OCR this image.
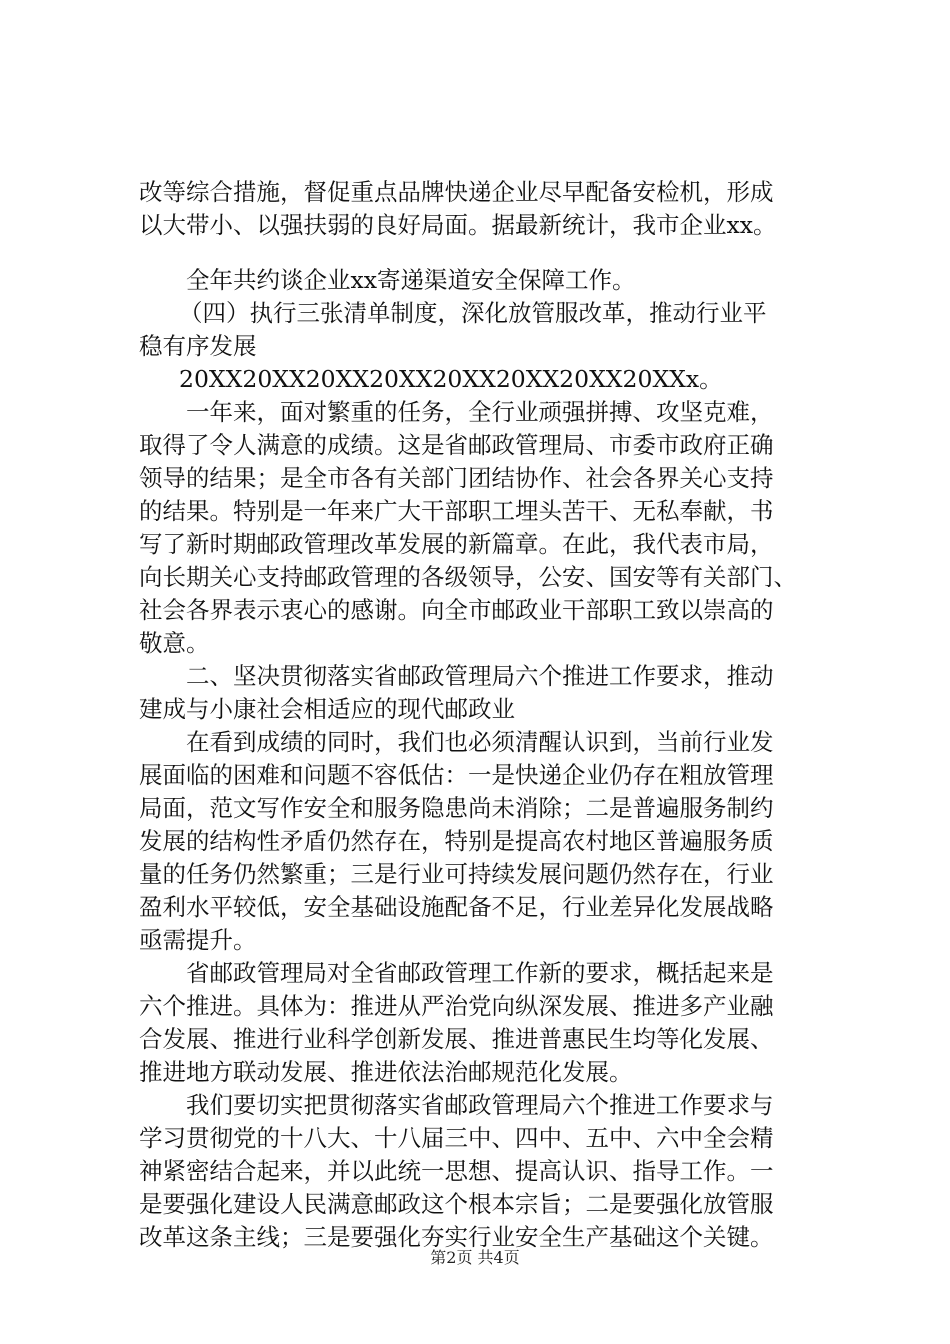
改等综合措施，督促重点品牌快递企业尽早配备安检机，形成
以大带小、以强扶弱的良好局面。据最新统计，我市企业xx。
全年共约谈企业xx寄递渠道安全保障工作。
（四）执行三张清单制度，深化放管服改革，推动行业平
稳有序发展
20XX20XX20XX20XX20XX20XX20XX20XXx。
一年来，面对繁重的任务，全行业顽强拼搏、攻坚克难，
取得了令人满意的成绩。这是省邮政管理局、市委市政府正确
领导的结果；是全市各有关部门团结协作、社会各界关心支持
的结果。特别是一年来广大干部职工埋头苦干、无私奉献，书
写了新时期邮政管理改革发展的新篇章。在此，我代表市局，
向长期关心支持邮政管理的各级领导，公安、国安等有关部门、
社会各界表示衷心的感谢。向全市邮政业干部职工致以崇高的
敬意。
二、坚决贯彻落实省邮政管理局六个推进工作要求，推动
建成与小康社会相适应的现代邮政业
在看到成绩的同时，我们也必须清醒认识到，当前行业发
展面临的困难和问题不容低估：一是快递企业仍存在粗放管理
局面，范文写作安全和服务隐患尚未消除；二是普遍服务制约
发展的结构性矛盾仍然存在，特别是提高农村地区普遍服务质
量的任务仍然繁重；三是行业可持续发展问题仍然存在，行业
盈利水平较低，安全基础设施配备不足，行业差异化发展战略
亟需提升。
省邮政管理局对全省邮政管理工作新的要求，概括起来是
六个推进。具体为：推进从严治党向纵深发展、推进多产业融
合发展、推进行业科学创新发展、推进普惠民生均等化发展、
推进地方联动发展、推进依法治邮规范化发展。
我们要切实把贯彻落实省邮政管理局六个推进工作要求与
学习贯彻党的十八大、十八届三中、四中、五中、六中全会精
神紧密结合起来，并以此统一思想、提高认识、指导工作。一
是要强化建设人民满意邮政这个根本宗旨；二是要强化放管服
改革这条主线；三是要强化夯实行业安全生产基础这个关键。
第2页 共4页
